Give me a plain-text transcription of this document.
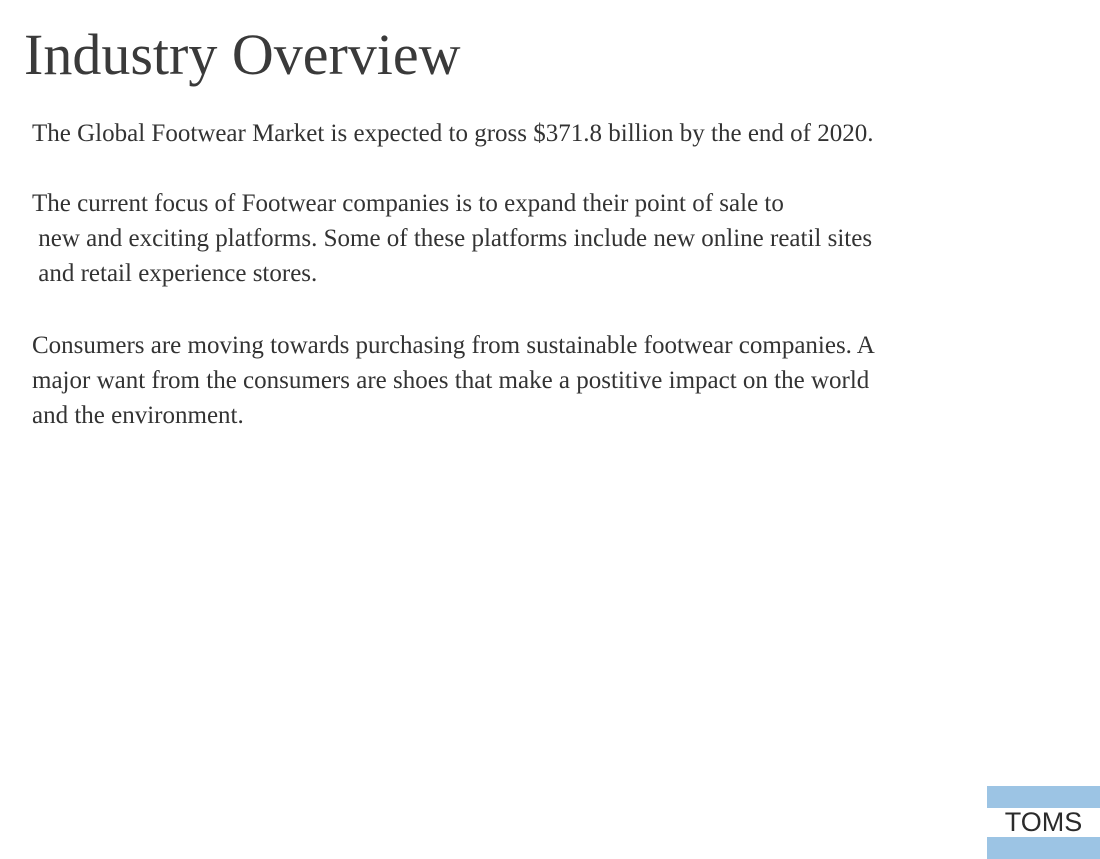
Industry Overview

The Global Footwear Market is expected to gross $371.8 billion by the end of 2020.

The current focus of Footwear companies is to expand their point of sale to
new and exciting platforms. Some of these platforms include new online reatil sites
and retail experience stores.

Consumers are moving towards purchasing from sustainable footwear companies. A
major want from the consumers are shoes that make a postitive impact on the world
and the environment.

TOMS
